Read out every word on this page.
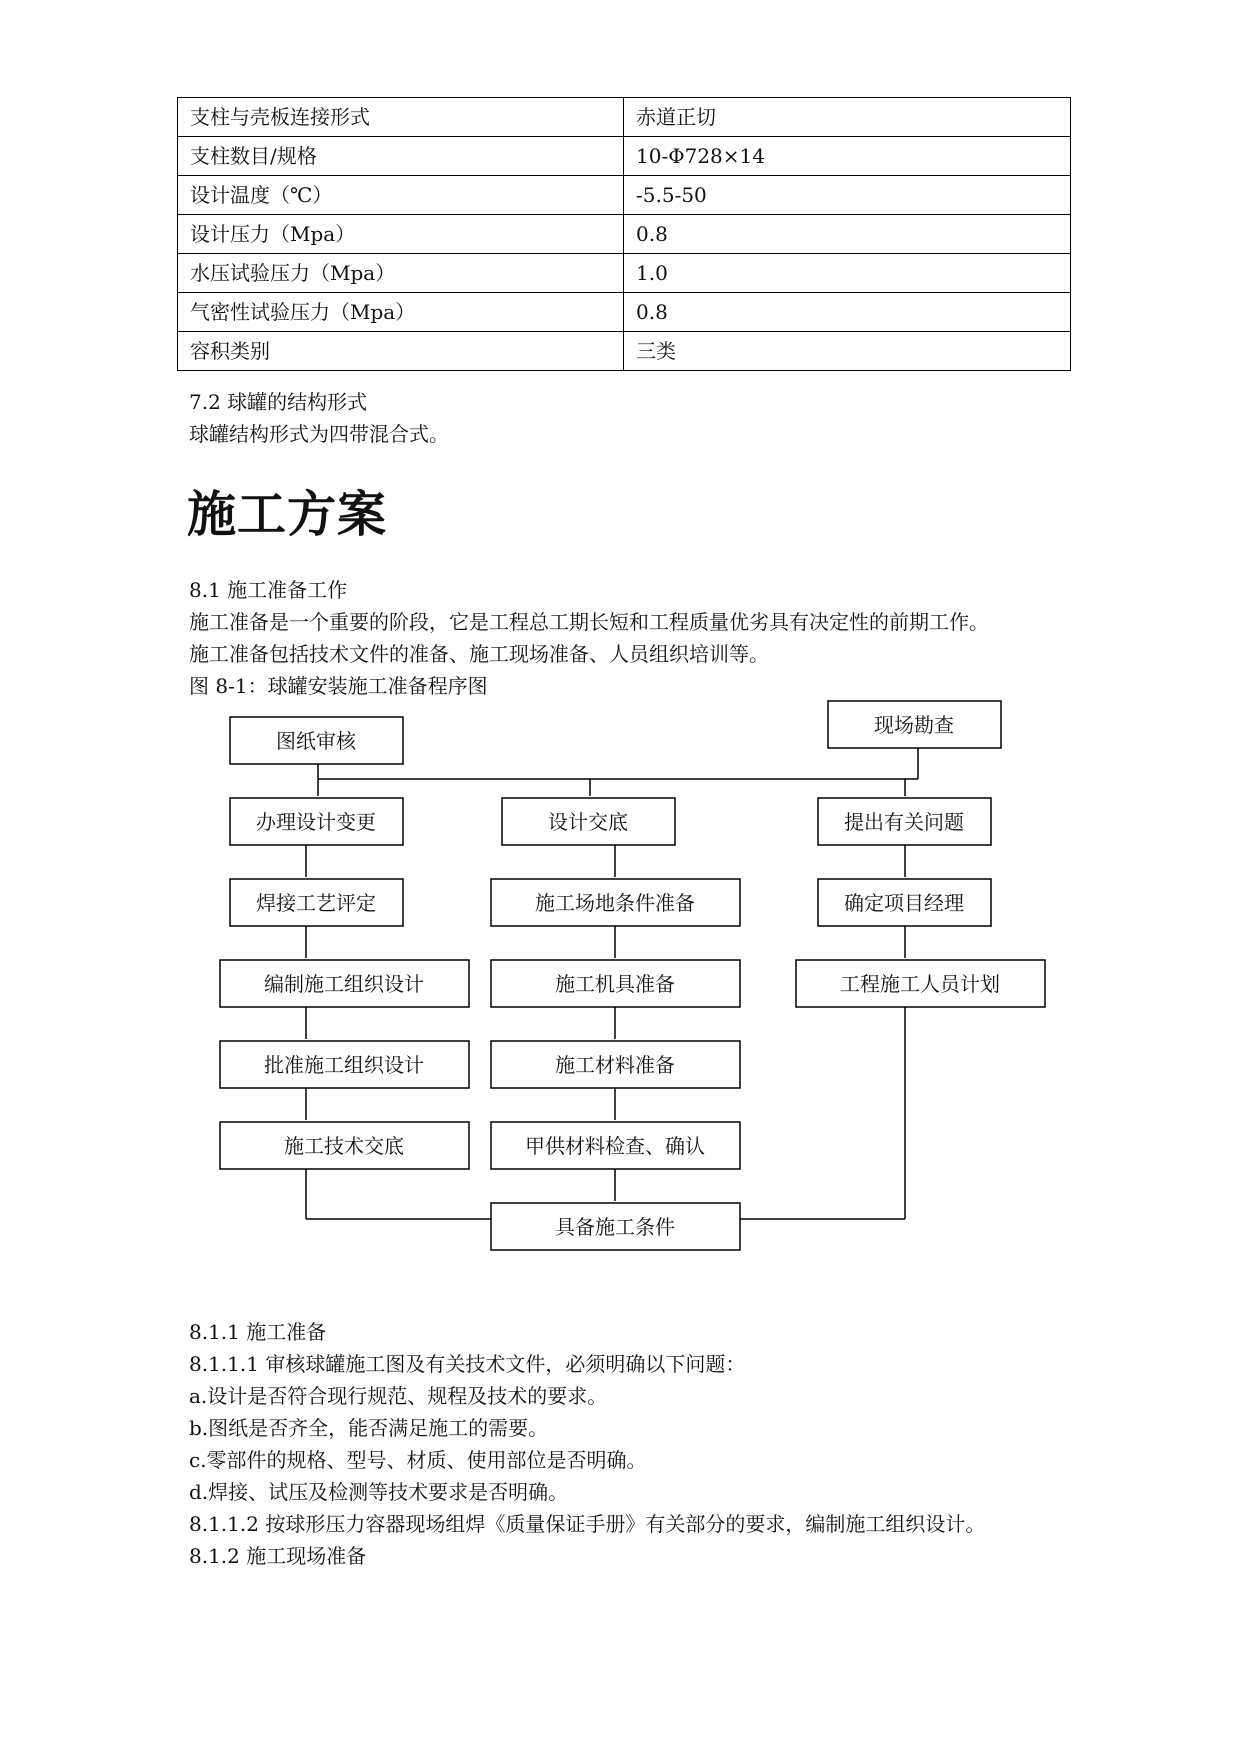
支柱与壳板连接形式	赤道正切
支柱数目/规格	10-Φ728×14
设计温度（℃）	-5.5-50
设计压力（Mpa）	0.8
水压试验压力（Mpa）	1.0
气密性试验压力（Mpa）	0.8
容积类别	三类
7.2 球罐的结构形式
球罐结构形式为四带混合式。
施工方案
8.1 施工准备工作
施工准备是一个重要的阶段，它是工程总工期长短和工程质量优劣具有决定性的前期工作。
施工准备包括技术文件的准备、施工现场准备、人员组织培训等。
图 8-1：球罐安装施工准备程序图
图纸审核
现场勘查
办理设计变更	设计交底	提出有关问题
焊接工艺评定	施工场地条件准备	确定项目经理
编制施工组织设计	施工机具准备	工程施工人员计划
批准施工组织设计	施工材料准备
施工技术交底	甲供材料检查、确认
具备施工条件
8.1.1 施工准备
8.1.1.1 审核球罐施工图及有关技术文件，必须明确以下问题：
a.设计是否符合现行规范、规程及技术的要求。
b.图纸是否齐全，能否满足施工的需要。
c.零部件的规格、型号、材质、使用部位是否明确。
d.焊接、试压及检测等技术要求是否明确。
8.1.1.2 按球形压力容器现场组焊《质量保证手册》有关部分的要求，编制施工组织设计。
8.1.2 施工现场准备
